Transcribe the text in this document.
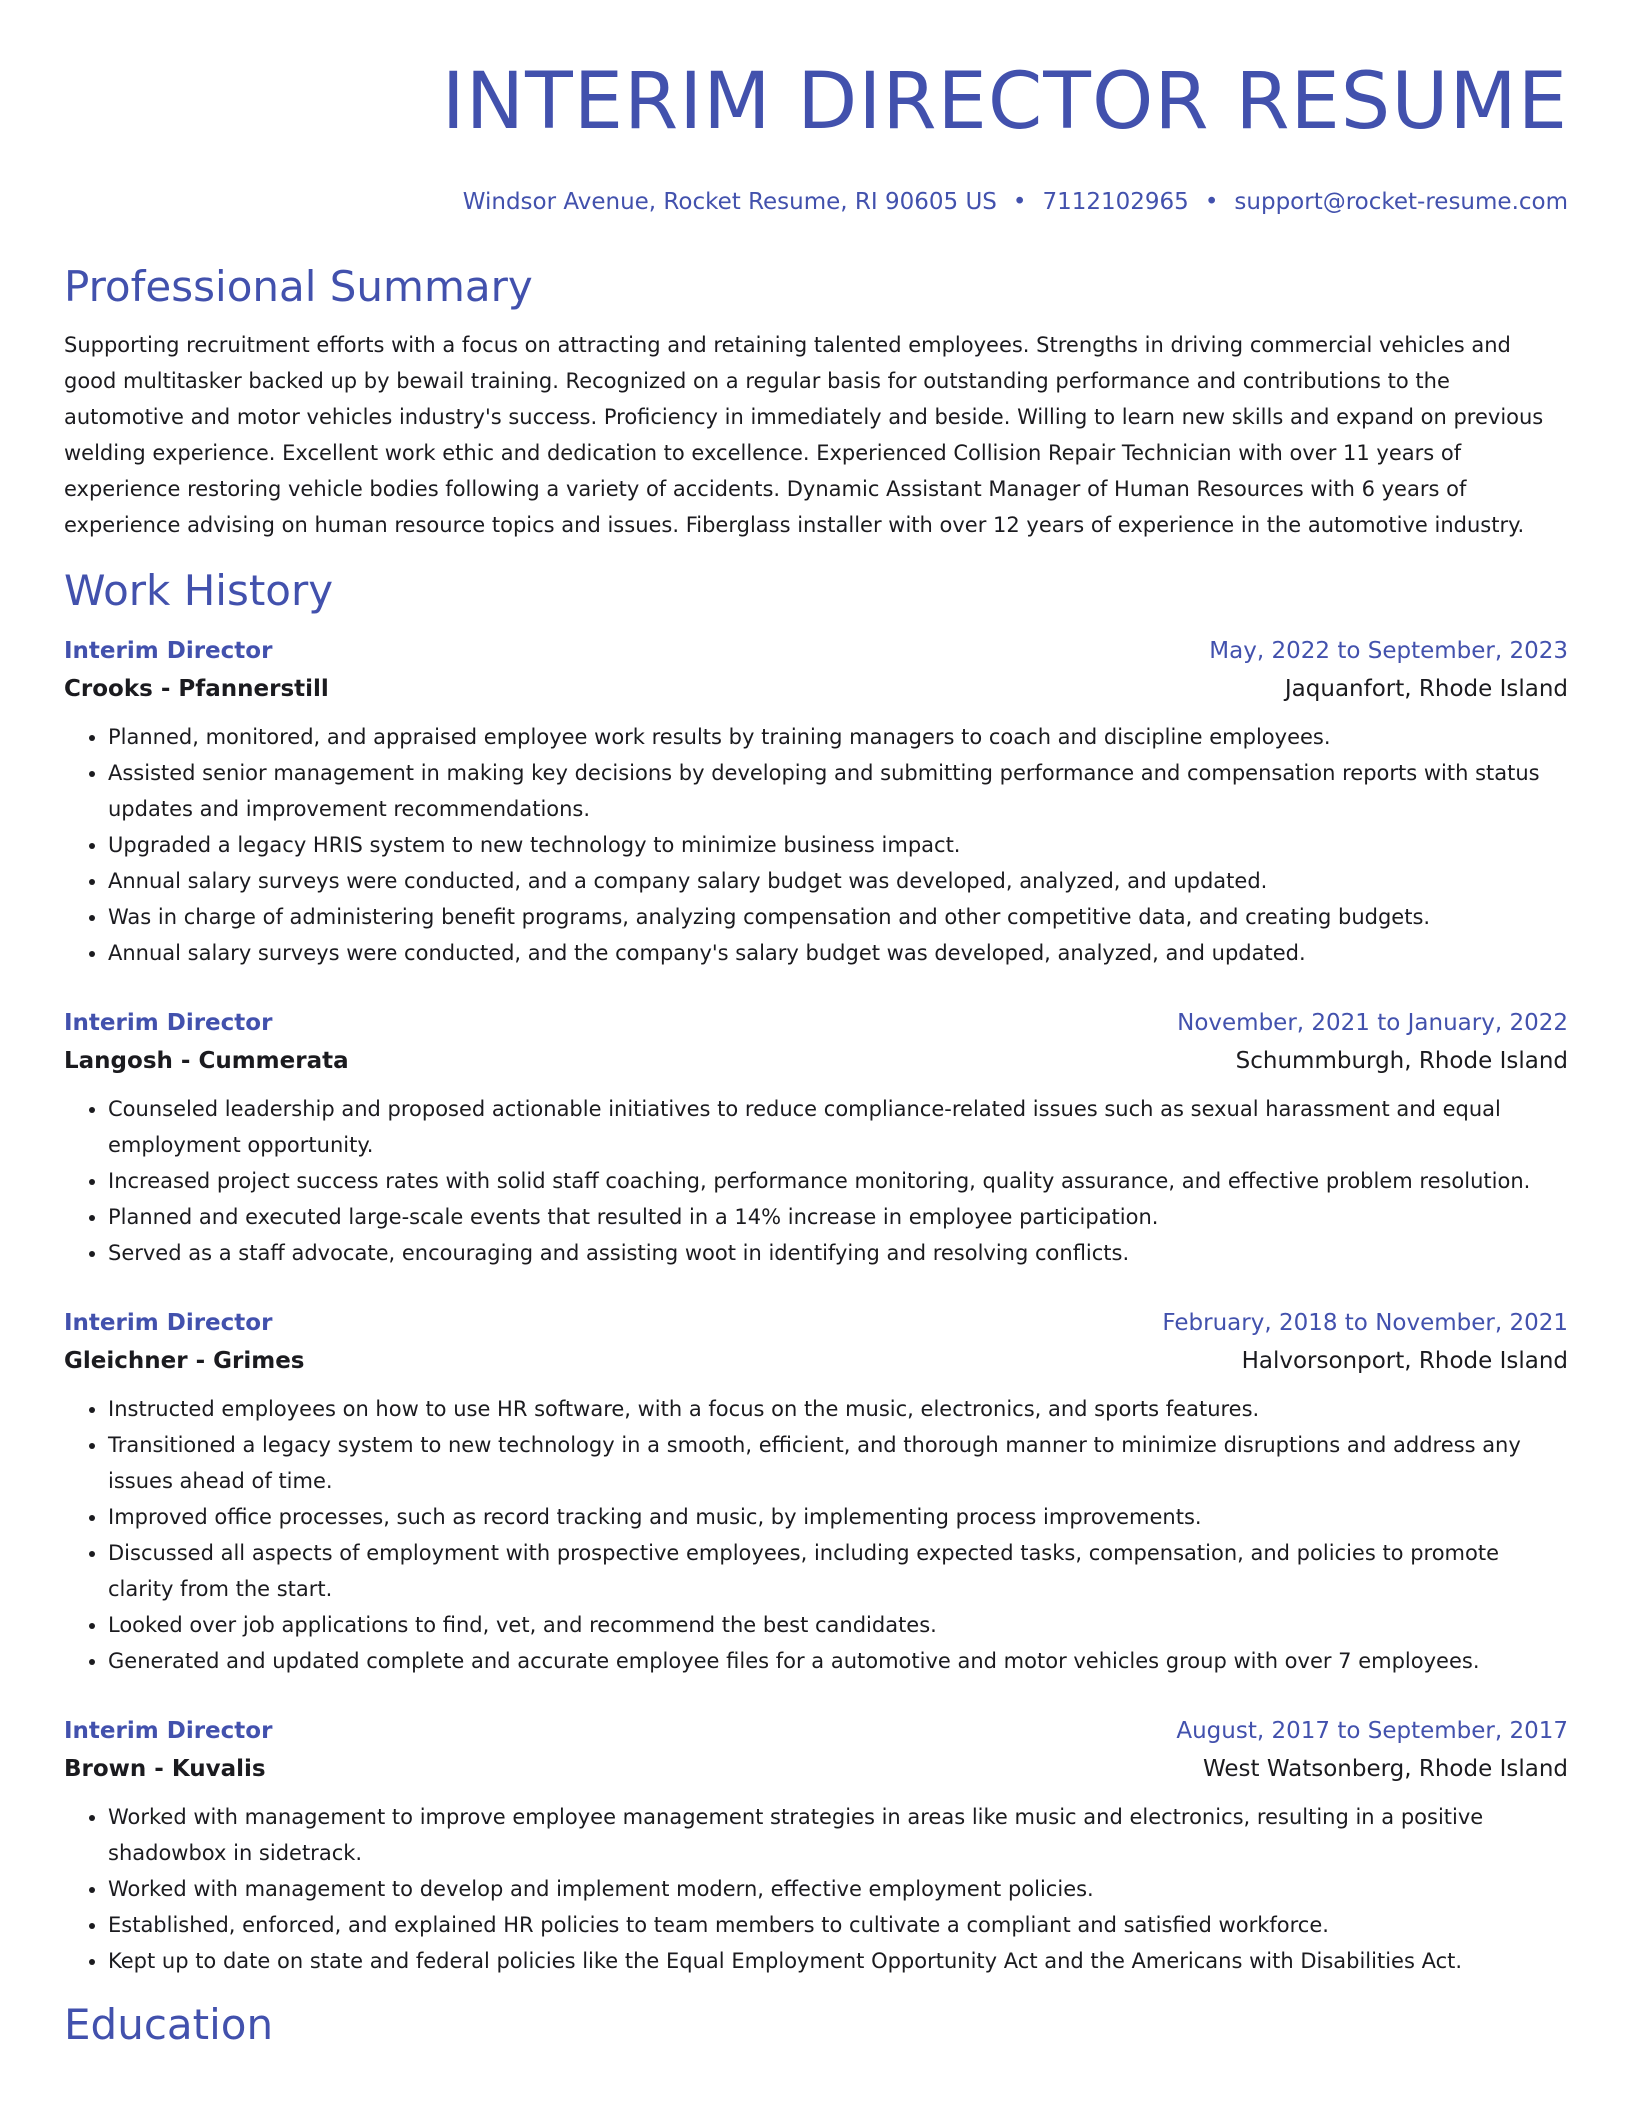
INTERIM DIRECTOR RESUME
Windsor Avenue, Rocket Resume, RI 90605 US • 7112102965 • support@rocket-resume.com
Professional Summary

Supporting recruitment efforts with a focus on attracting and retaining talented employees. Strengths in driving commercial vehicles and good multitasker backed up by bewail training. Recognized on a regular basis for outstanding performance and contributions to the automotive and motor vehicles industry's success. Proficiency in immediately and beside. Willing to learn new skills and expand on previous welding experience. Excellent work ethic and dedication to excellence. Experienced Collision Repair Technician with over 11 years of experience restoring vehicle bodies following a variety of accidents. Dynamic Assistant Manager of Human Resources with 6 years of experience advising on human resource topics and issues. Fiberglass installer with over 12 years of experience in the automotive industry.

Work History
Interim Director	May, 2022 to September, 2023
Crooks - Pfannerstill	Jaquanfort, Rhode Island
• Planned, monitored, and appraised employee work results by training managers to coach and discipline employees.
• Assisted senior management in making key decisions by developing and submitting performance and compensation reports with status updates and improvement recommendations.
• Upgraded a legacy HRIS system to new technology to minimize business impact.
• Annual salary surveys were conducted, and a company salary budget was developed, analyzed, and updated.
• Was in charge of administering benefit programs, analyzing compensation and other competitive data, and creating budgets.
• Annual salary surveys were conducted, and the company's salary budget was developed, analyzed, and updated.
Interim Director	November, 2021 to January, 2022
Langosh - Cummerata	Schummburgh, Rhode Island
• Counseled leadership and proposed actionable initiatives to reduce compliance-related issues such as sexual harassment and equal employment opportunity.
• Increased project success rates with solid staff coaching, performance monitoring, quality assurance, and effective problem resolution.
• Planned and executed large-scale events that resulted in a 14% increase in employee participation.
• Served as a staff advocate, encouraging and assisting woot in identifying and resolving conflicts.
Interim Director	February, 2018 to November, 2021
Gleichner - Grimes	Halvorsonport, Rhode Island
• Instructed employees on how to use HR software, with a focus on the music, electronics, and sports features.
• Transitioned a legacy system to new technology in a smooth, efficient, and thorough manner to minimize disruptions and address any issues ahead of time.
• Improved office processes, such as record tracking and music, by implementing process improvements.
• Discussed all aspects of employment with prospective employees, including expected tasks, compensation, and policies to promote clarity from the start.
• Looked over job applications to find, vet, and recommend the best candidates.
• Generated and updated complete and accurate employee files for a automotive and motor vehicles group with over 7 employees.
Interim Director	August, 2017 to September, 2017
Brown - Kuvalis	West Watsonberg, Rhode Island
• Worked with management to improve employee management strategies in areas like music and electronics, resulting in a positive shadowbox in sidetrack.
• Worked with management to develop and implement modern, effective employment policies.
• Established, enforced, and explained HR policies to team members to cultivate a compliant and satisfied workforce.
• Kept up to date on state and federal policies like the Equal Employment Opportunity Act and the Americans with Disabilities Act.
Education
